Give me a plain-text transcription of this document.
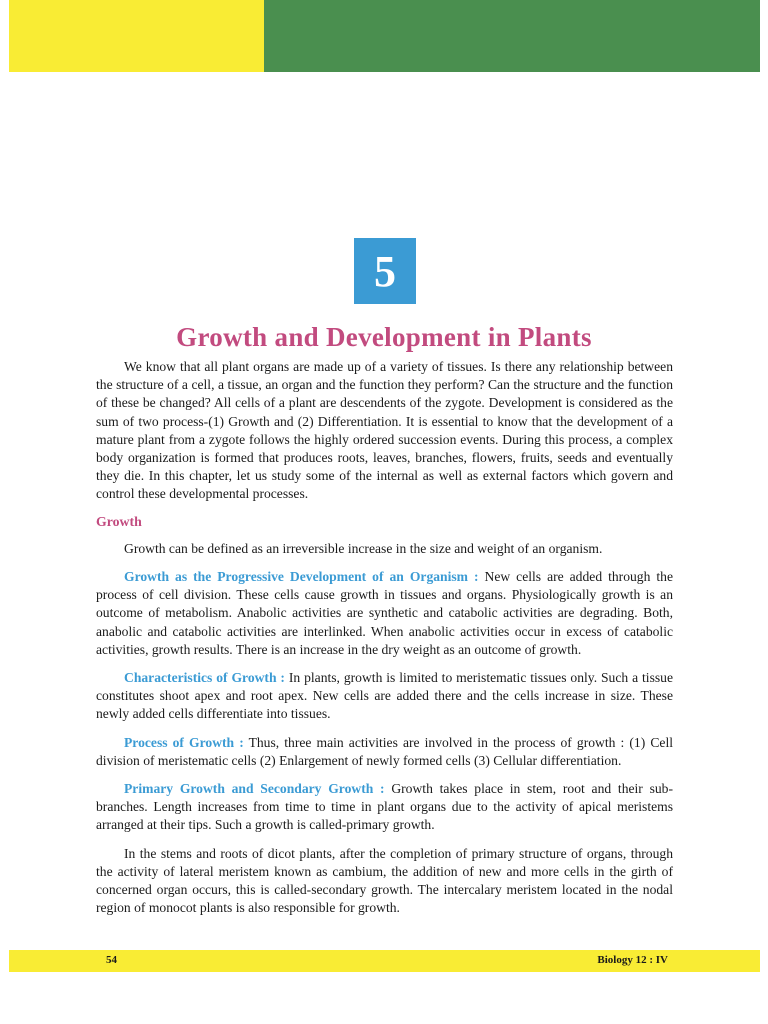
5
Growth and Development in Plants

We know that all plant organs are made up of a variety of tissues. Is there any relationship between the structure of a cell, a tissue, an organ and the function they perform? Can the structure and the function of these be changed? All cells of a plant are descendents of the zygote. Development is considered as the sum of two process-(1) Growth and (2) Differentiation. It is essential to know that the development of a mature plant from a zygote follows the highly ordered succession events. During this process, a complex body organization is formed that produces roots, leaves, branches, flowers, fruits, seeds and eventually they die. In this chapter, let us study some of the internal as well as external factors which govern and control these developmental processes.

Growth

Growth can be defined as an irreversible increase in the size and weight of an organism.

Growth as the Progressive Development of an Organism : New cells are added through the process of cell division. These cells cause growth in tissues and organs. Physiologically growth is an outcome of metabolism. Anabolic activities are synthetic and catabolic activities are degrading. Both, anabolic and catabolic activities are interlinked. When anabolic activities occur in excess of catabolic activities, growth results. There is an increase in the dry weight as an outcome of growth.

Characteristics of Growth : In plants, growth is limited to meristematic tissues only. Such a tissue constitutes shoot apex and root apex. New cells are added there and the cells increase in size. These newly added cells differentiate into tissues.

Process of Growth : Thus, three main activities are involved in the process of growth : (1) Cell division of meristematic cells (2) Enlargement of newly formed cells (3) Cellular differentiation.

Primary Growth and Secondary Growth : Growth takes place in stem, root and their sub-branches. Length increases from time to time in plant organs due to the activity of apical meristems arranged at their tips. Such a growth is called-primary growth.

In the stems and roots of dicot plants, after the completion of primary structure of organs, through the activity of lateral meristem known as cambium, the addition of new and more cells in the girth of concerned organ occurs, this is called-secondary growth. The intercalary meristem located in the nodal region of monocot plants is also responsible for growth.

54	Biology 12 : IV
